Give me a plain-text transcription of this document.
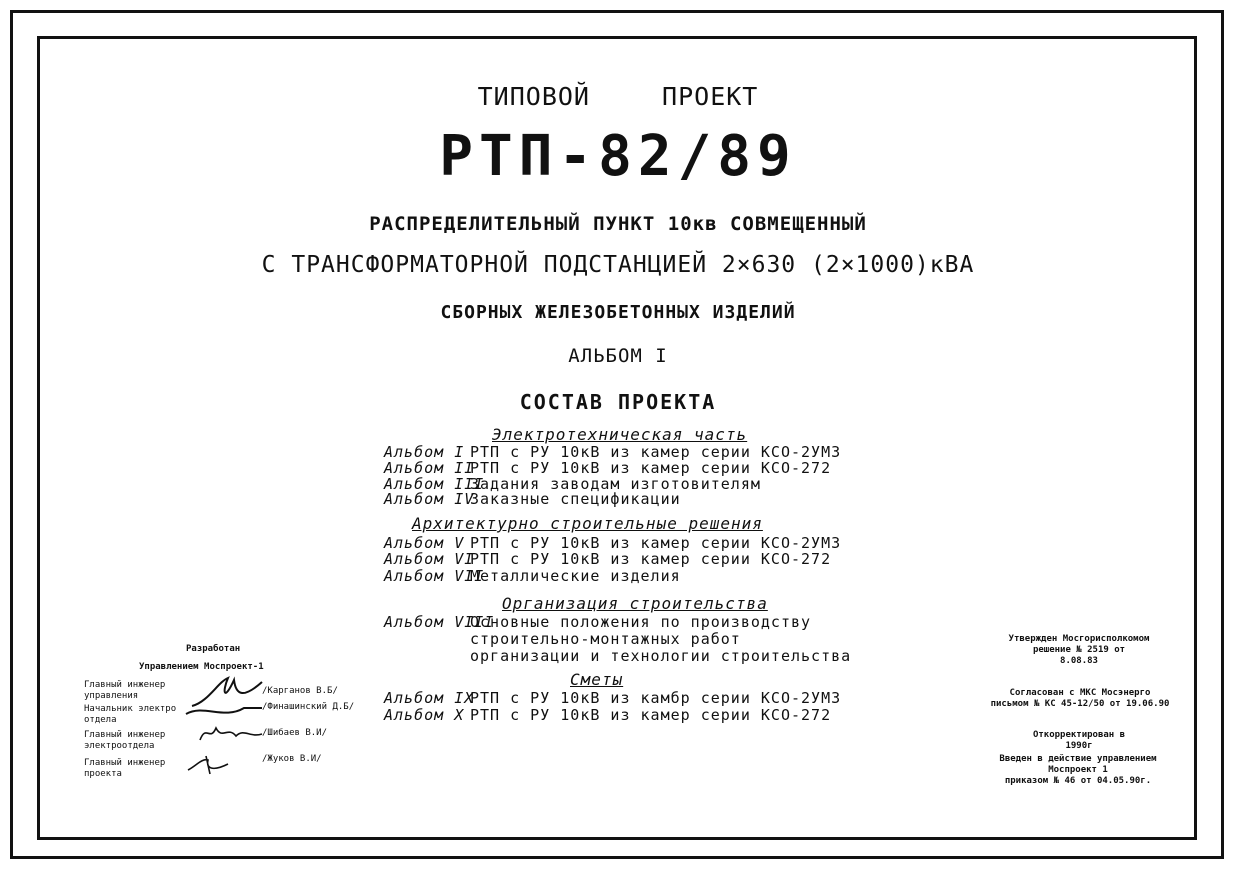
ТИПОВОЙ	ПРОЕКТ
РТП-82/89
РАСПРЕДЕЛИТЕЛЬНЫЙ ПУНКТ 10кв СОВМЕЩЕННЫЙ
С ТРАНСФОРМАТОРНОЙ ПОДСТАНЦИЕЙ 2×630 (2×1000)кВА
СБОРНЫХ ЖЕЛЕЗОБЕТОННЫХ ИЗДЕЛИЙ
АЛЬБОМ I
СОСТАВ ПРОЕКТА
Электротехническая часть
Альбом I РТП с РУ 10кВ из камер серии КСО-2УМЗ
Альбом IIРТП с РУ 10кВ из камер серии КСО-272
Альбом IIIЗадания заводам изготовителям
Альбом IVЗаказные спецификации
Архитектурно строительные решения
Альбом V РТП с РУ 10кВ из камер серии КСО-2УМЗ
Альбом VIРТП с РУ 10кВ из камер серии КСО-272
Альбом VIIМеталлические изделия
Организация строительства
Альбом VIIIОсновные положения по производству
строительно-монтажных работ
организации и технологии строительства
Сметы
Альбом IXРТП с РУ 10кВ из камбр серии КСО-2УМЗ
Альбом X РТП с РУ 10кВ из камер серии КСО-272
Разработан
Управлением Моспроект-1
Главный инженер
управления	/Карганов В.Б/
Начальник электро
отдела
/Финашинский Д.Б/
Главный инженер
электроотдела
/Шибаев В.И/
Главный инженер
проекта
/Жуков В.И/
Утвержден Мосгорисполкомом
решение № 2519 от
8.08.83
Согласован с МКС Мосэнерго
письмом № КС 45-12/50 от 19.06.90
Откорректирован в
1990г
Введен в действие управлением
Моспроект 1
приказом № 46 от 04.05.90г.
